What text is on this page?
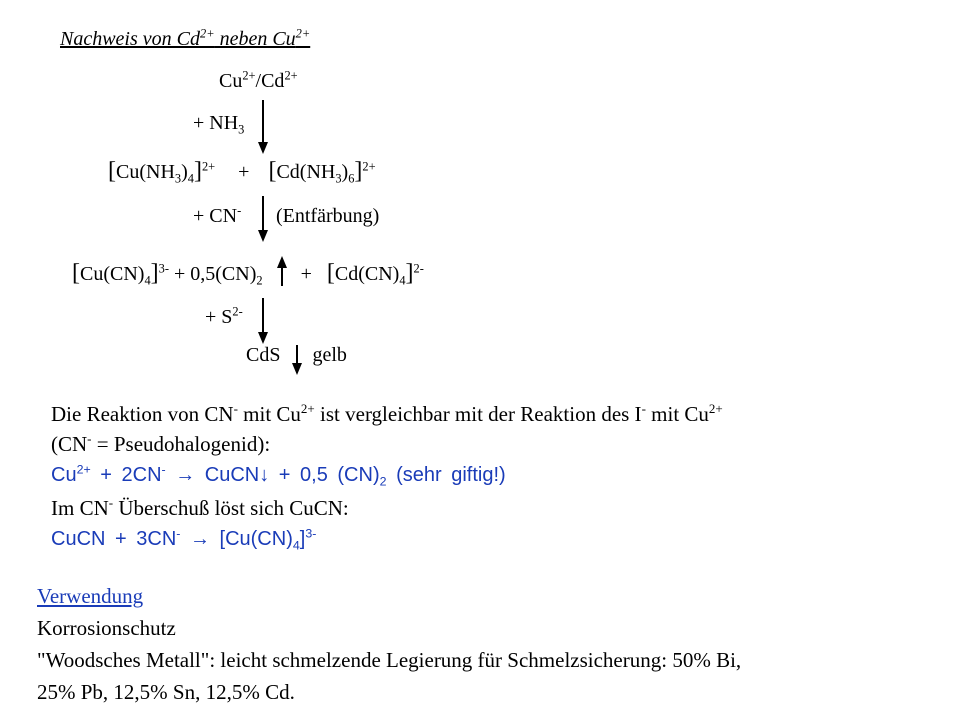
Nachweis von $Cd^{2+}$ neben $Cu^{2+}$
$Cu^{2+}/Cd^{2+}$
+ $NH_3$
$[Cu(NH_3)_4]^{2+} + [Cd(NH_3)_6]^{2+}$
+ CN- (Entfärbung)
$[Cu(CN)_4]^{3-} + 0,5(CN)_2 + [Cd(CN)_4]^{2-}$
+ $S^{2-}$
CdS gelb
Die Reaktion von CN- mit $Cu^{2+}$ ist vergleichbar mit der Reaktion des I- mit $Cu^{2+}$
(CN- = Pseudohalogenid):
$Cu^{2+} + 2CN^-$ → CuCN↓ + 0,5 $(CN)_2$ (sehr giftig!)
Im CN- Überschuß löst sich CuCN:
CuCN + $3CN^- \to [Cu(CN)_4]^{3-}$
Verwendung
Korrosionschutz
"Woodsches Metall": leicht schmelzende Legierung für Schmelzsicherung: 50% Bi,
25% Pb, 12,5% Sn, 12,5% Cd.
